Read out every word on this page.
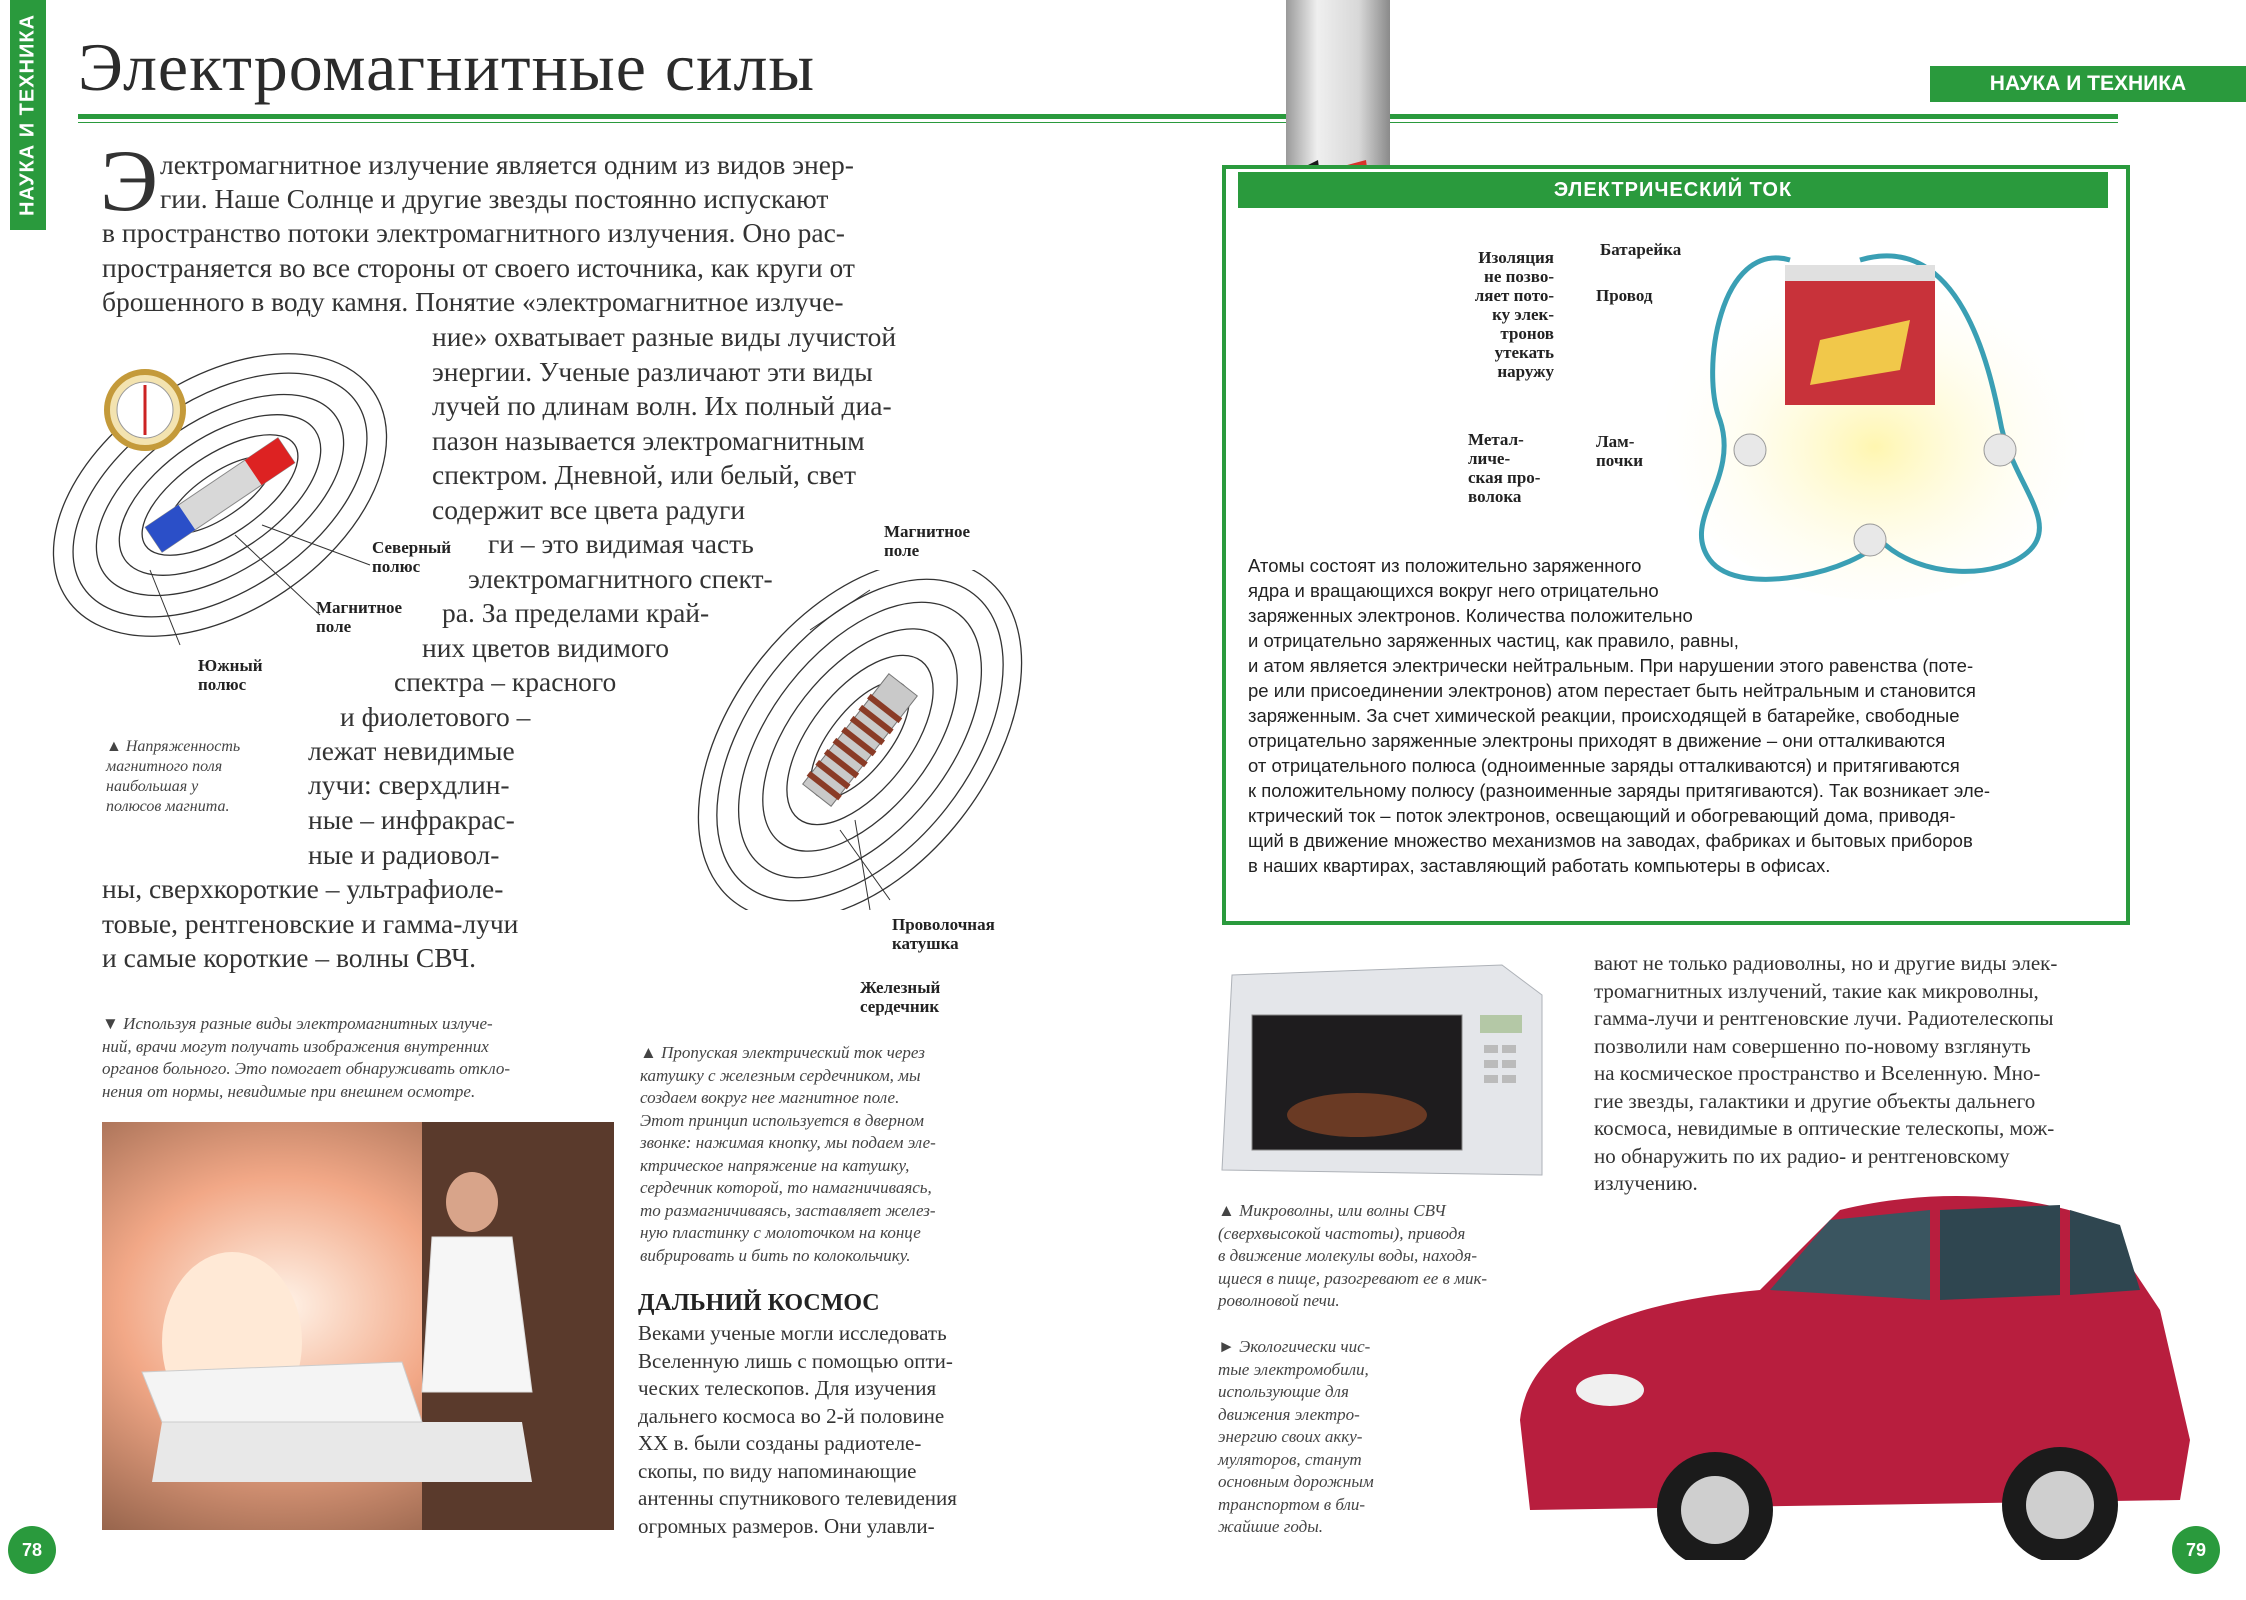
НАУКА И ТЕХНИКА Электромагнитные силы	НАУКА И ТЕХНИКА
Э лектромагнитное излучение является одним из видов энер-
гии. Наше Солнце и другие звезды постоянно испускают
в пространство потоки электромагнитного излучения. Оно рас-
пространяется во все стороны от своего источника, как круги от
брошенного в воду камня. Понятие «электромагнитное излуче-
ние» охватывает разные виды лучистой
энергии. Ученые различают эти виды
лучей по длинам волн. Их полный диа-
пазон называется электромагнитным
спектром. Дневной, или белый, свет
содержит все цвета радуги
ги – это видимая часть
электромагнитного спект-
ра. За пределами край-
них цветов видимого
спектра – красного
и фиолетового –
лежат невидимые
лучи: сверхдлин-
ные – инфракрас-
ные и радиовол-
ны, сверхкороткие – ультрафиоле-
товые, рентгеновские и гамма-лучи
и самые короткие – волны СВЧ.
Северный
полюс
Магнитное
поле
Южный
полюс
▲ Напряженность
магнитного поля
наибольшая у
полюсов магнита.
Магнитное
поле
Проволочная
катушка
Железный
сердечник
▼ Используя разные виды электромагнитных излуче-
ний, врачи могут получать изображения внутренних
органов больного. Это помогает обнаруживать откло-
нения от нормы, невидимые при внешнем осмотре.
▲ Пропуская электрический ток через
катушку с железным сердечником, мы
создаем вокруг нее магнитное поле.
Этот принцип используется в дверном
звонке: нажимая кнопку, мы подаем эле-
ктрическое напряжение на катушку,
сердечник которой, то намагничиваясь,
то размагничиваясь, заставляет желез-
ную пластинку с молоточком на конце
вибрировать и бить по колокольчику.
ДАЛЬНИЙ КОСМОС
Веками ученые могли исследовать
Вселенную лишь с помощью опти-
ческих телескопов. Для изучения
дальнего космоса во 2-й половине
XX в. были созданы радиотеле-
скопы, по виду напоминающие
антенны спутникового телевидения
огромных размеров. Они улавли-
ЭЛЕКТРИЧЕСКИЙ ТОК
Изоляция
не позво-
ляет пото-
ку элек-
тронов
утекать
наружу
Метал-
личе-
ская про-
волока
Батарейка
Провод
Лам-
почки
Атомы состоят из положительно заряженного
ядра и вращающихся вокруг него отрицательно
заряженных электронов. Количества положительно
и отрицательно заряженных частиц, как правило, равны,
и атом является электрически нейтральным. При нарушении этого равенства (поте-
ре или присоединении электронов) атом перестает быть нейтральным и становится
заряженным. За счет химической реакции, происходящей в батарейке, свободные
отрицательно заряженные электроны приходят в движение – они отталкиваются
от отрицательного полюса (одноименные заряды отталкиваются) и притягиваются
к положительному полюсу (разноименные заряды притягиваются). Так возникает эле-
ктрический ток – поток электронов, освещающий и обогревающий дома, приводя-
щий в движение множество механизмов на заводах, фабриках и бытовых приборов
в наших квартирах, заставляющий работать компьютеры в офисах.
вают не только радиоволны, но и другие виды элек-
тромагнитных излучений, такие как микроволны,
гамма-лучи и рентгеновские лучи. Радиотелескопы
позволили нам совершенно по-новому взглянуть
на космическое пространство и Вселенную. Мно-
гие звезды, галактики и другие объекты дальнего
космоса, невидимые в оптические телескопы, мож-
но обнаружить по их радио- и рентгеновскому
излучению.
▲ Микроволны, или волны СВЧ
(сверхвысокой частоты), приводя
в движение молекулы воды, находя-
щиеся в пище, разогревают ее в мик-
роволновой печи.
► Экологически чис-
тые электромобили,
использующие для
движения электро-
энергию своих акку-
муляторов, станут
основным дорожным
транспортом в бли-
жайшие годы.
78	79
